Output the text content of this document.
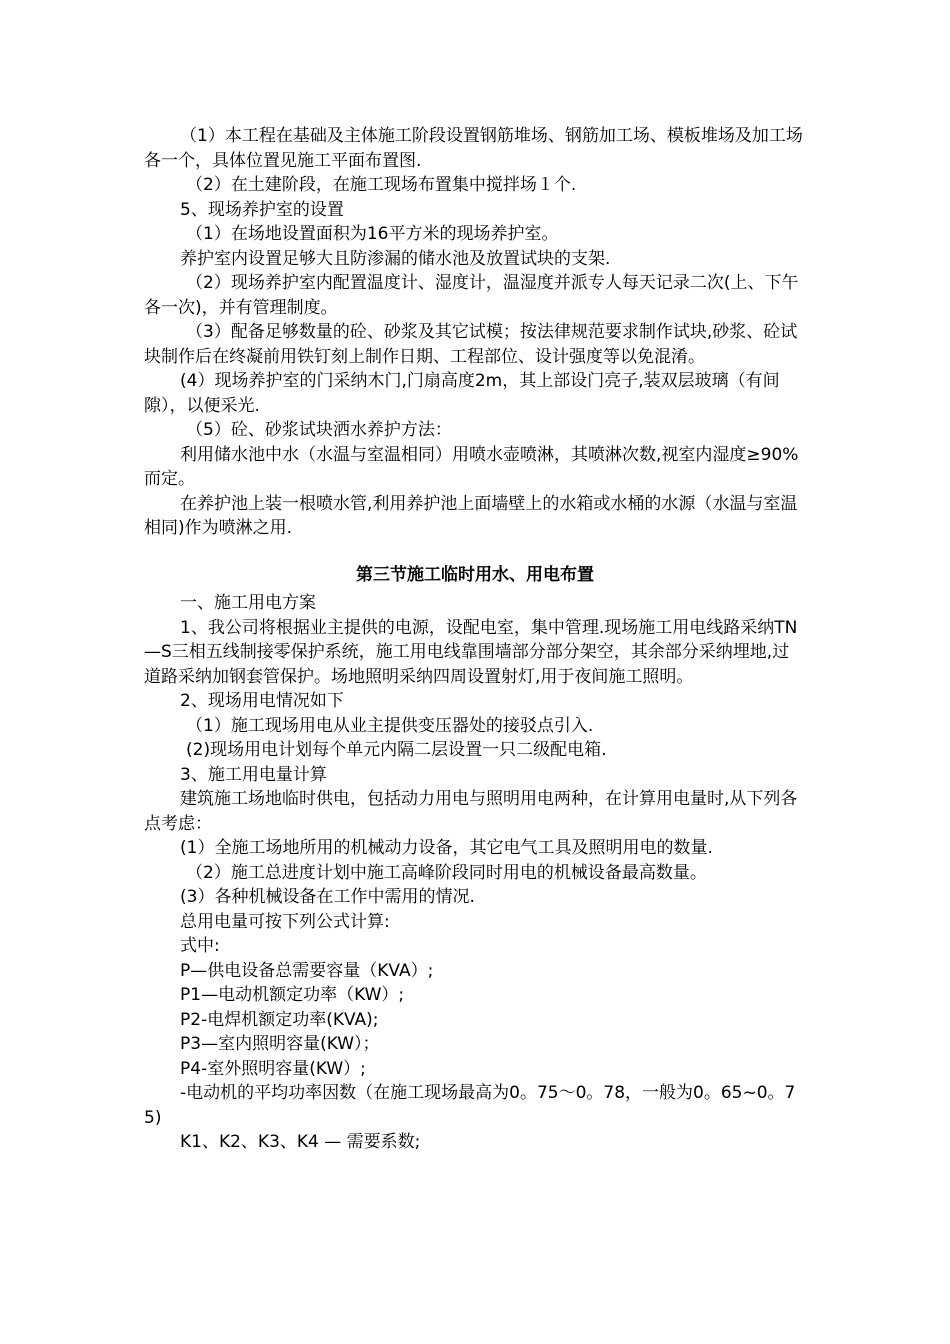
（1）本工程在基础及主体施工阶段设置钢筋堆场、钢筋加工场、模板堆场及加工场各一个，具体位置见施工平面布置图.

（2）在土建阶段，在施工现场布置集中搅拌场１个.

5、现场养护室的设置

（1）在场地设置面积为16平方米的现场养护室。

养护室内设置足够大且防渗漏的储水池及放置试块的支架.

（2）现场养护室内配置温度计、湿度计，温湿度并派专人每天记录二次(上、下午各一次)，并有管理制度。

（3）配备足够数量的砼、砂浆及其它试模；按法律规范要求制作试块,砂浆、砼试块制作后在终凝前用铁钉刻上制作日期、工程部位、设计强度等以免混淆。

(4）现场养护室的门采纳木门,门扇高度2m，其上部设门亮子,装双层玻璃（有间隙），以便采光.

（5）砼、砂浆试块洒水养护方法：

利用储水池中水（水温与室温相同）用喷水壶喷淋，其喷淋次数,视室内湿度≥90%而定。

在养护池上装一根喷水管,利用养护池上面墙壁上的水箱或水桶的水源（水温与室温相同)作为喷淋之用.

第三节施工临时用水、用电布置

一、施工用电方案

1、我公司将根据业主提供的电源，设配电室，集中管理.现场施工用电线路采纳TN—S三相五线制接零保护系统，施工用电线靠围墙部分部分架空，其余部分采纳埋地,过道路采纳加钢套管保护。场地照明采纳四周设置射灯,用于夜间施工照明。

2、现场用电情况如下

（1）施工现场用电从业主提供变压器处的接驳点引入.

(2)现场用电计划每个单元内隔二层设置一只二级配电箱.

3、施工用电量计算

建筑施工场地临时供电，包括动力用电与照明用电两种，在计算用电量时,从下列各点考虑：

(1）全施工场地所用的机械动力设备，其它电气工具及照明用电的数量.

（2）施工总进度计划中施工高峰阶段同时用电的机械设备最高数量。

(3）各种机械设备在工作中需用的情况.

总用电量可按下列公式计算:

式中:

P—供电设备总需要容量（KVA）;

P1—电动机额定功率（KW）;

P2-电焊机额定功率(KVA);

P3—室内照明容量(KW）；

P4-室外照明容量(KW）;

-电动机的平均功率因数（在施工现场最高为0。75～0。78，一般为0。65~0。75)

K1、K2、K3、K4 — 需要系数;
